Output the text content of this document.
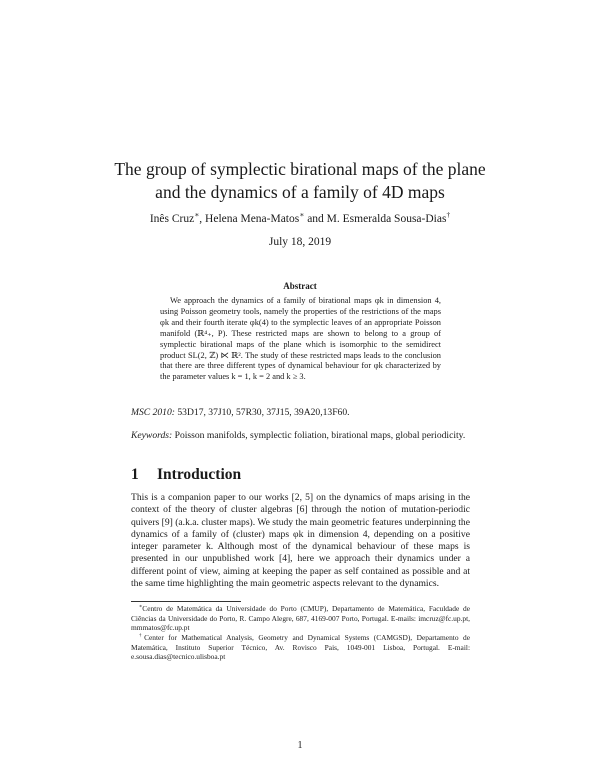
The group of symplectic birational maps of the plane and the dynamics of a family of 4D maps
Inês Cruz∗, Helena Mena-Matos∗ and M. Esmeralda Sousa-Dias†
July 18, 2019
Abstract

We approach the dynamics of a family of birational maps φk in dimension 4, using Poisson geometry tools, namely the properties of the restrictions of the maps φk and their fourth iterate φk(4) to the symplectic leaves of an appropriate Poisson manifold (ℝ⁴₊, P). These restricted maps are shown to belong to a group of symplectic birational maps of the plane which is isomorphic to the semidirect product SL(2, ℤ) ⋉ ℝ². The study of these restricted maps leads to the conclusion that there are three different types of dynamical behaviour for φk characterized by the parameter values k = 1, k = 2 and k ≥ 3.

MSC 2010: 53D17, 37J10, 57R30, 37J15, 39A20,13F60.
Keywords: Poisson manifolds, symplectic foliation, birational maps, global periodicity.
1 Introduction

This is a companion paper to our works [2, 5] on the dynamics of maps arising in the context of the theory of cluster algebras [6] through the notion of mutation-periodic quivers [9] (a.k.a. cluster maps). We study the main geometric features underpinning the dynamics of a family of (cluster) maps φk in dimension 4, depending on a positive integer parameter k. Although most of the dynamical behaviour of these maps is presented in our unpublished work [4], here we approach their dynamics under a different point of view, aiming at keeping the paper as self contained as possible and at the same time highlighting the main geometric aspects relevant to the dynamics.

∗Centro de Matemática da Universidade do Porto (CMUP), Departamento de Matemática, Faculdade de Ciências da Universidade do Porto, R. Campo Alegre, 687, 4169-007 Porto, Portugal. E-mails: imcruz@fc.up.pt, mmmatos@fc.up.pt

†Center for Mathematical Analysis, Geometry and Dynamical Systems (CAMGSD), Departamento de Matemática, Instituto Superior Técnico, Av. Rovisco Pais, 1049-001 Lisboa, Portugal. E-mail: e.sousa.dias@tecnico.ulisboa.pt

1
